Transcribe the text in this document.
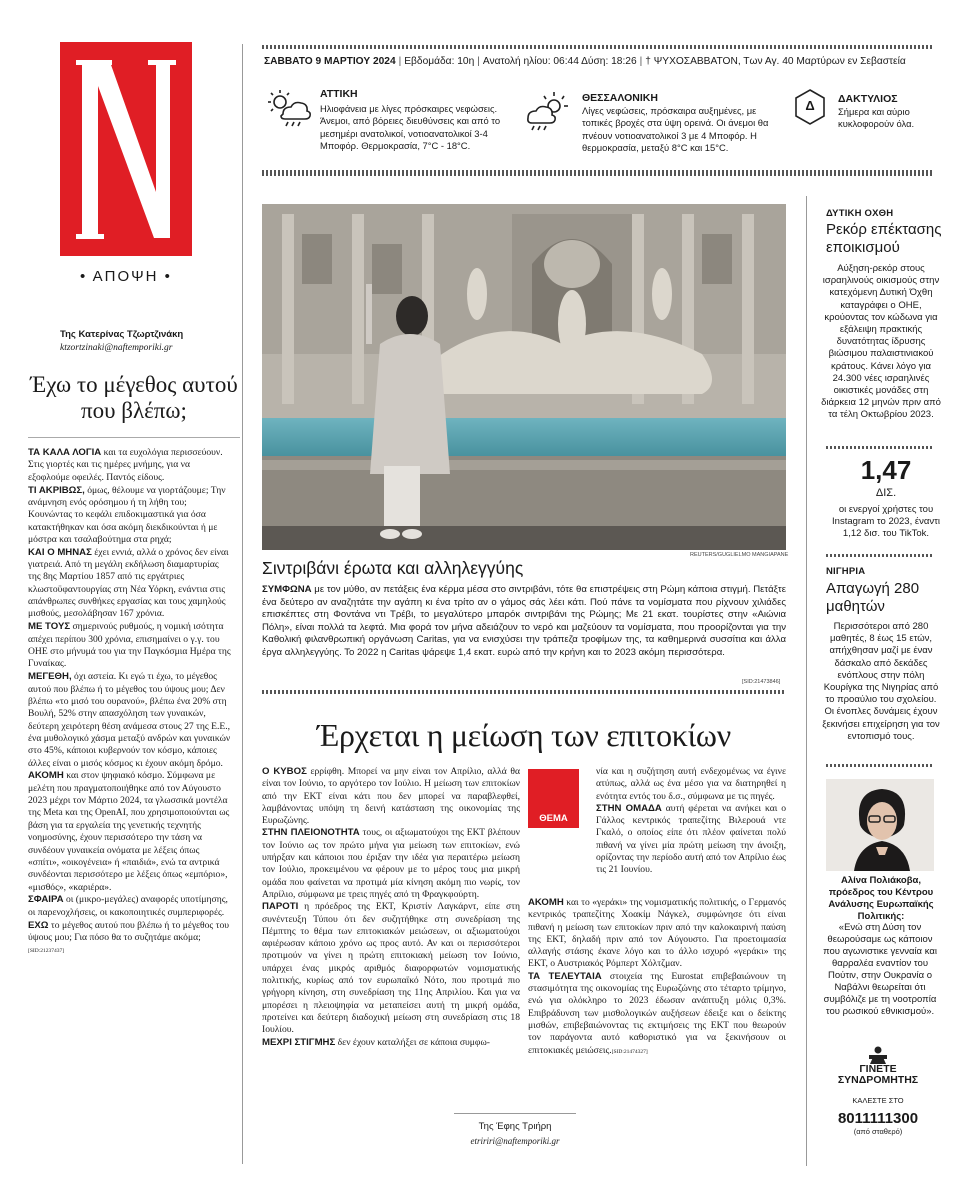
• ΑΠΟΨΗ •
Της Κατερίνας Τζωρτζινάκη
ktzortzinaki@naftemporiki.gr
Έχω το μέγεθος αυτού που βλέπω;

ΤΑ ΚΑΛΑ ΛΟΓΙΑ και τα ευχολόγια περισσεύουν. Στις γιορτές και τις ημέρες μνήμης, για να εξοφλούμε οφειλές. Παντός είδους.

ΤΙ ΑΚΡΙΒΩΣ, όμως, θέλουμε να γιορτάζουμε; Την ανάμνηση ενός ορόσημου ή τη λήθη του; Κουνώντας το κεφάλι επιδοκιμαστικά για όσα κατακτήθηκαν και όσα ακόμη διεκδικούνται ή με μόστρα και τσαλαβούτημα στα ρηχά;

ΚΑΙ Ο ΜΗΝΑΣ έχει εννιά, αλλά ο χρόνος δεν είναι γιατρειά. Από τη μεγάλη εκδήλωση διαμαρτυρίας της 8ης Μαρτίου 1857 από τις εργάτριες κλωστοϋφαντουργίας στη Νέα Υόρκη, ενάντια στις απάνθρωπες συνθήκες εργασίας και τους χαμηλούς μισθούς, μεσολάβησαν 167 χρόνια.

ΜΕ ΤΟΥΣ σημερινούς ρυθμούς, η νομική ισότητα απέχει περίπου 300 χρόνια, επισημαίνει ο γ.γ. του ΟΗΕ στο μήνυμά του για την Παγκόσμια Ημέρα της Γυναίκας.

ΜΕΓΕΘΗ, όχι αστεία. Κι εγώ τι έχω, το μέγεθος αυτού που βλέπω ή το μέγεθος του ύψους μου; Δεν βλέπω «το μισό του ουρανού», βλέπω ένα 20% στη Βουλή, 52% στην απασχόληση των γυναικών, δεύτερη χειρότερη θέση ανάμεσα στους 27 της Ε.Ε., ένα μυθολογικό χάσμα μεταξύ ανδρών και γυναικών στο 45%, κάποιοι κυβερνούν τον κόσμο, κάποιες άλλες είναι ο μισός κόσμος κι έχουν ακόμη δρόμο.

ΑΚΟΜΗ και στον ψηφιακό κόσμο. Σύμφωνα με μελέτη που πραγματοποιήθηκε από τον Αύγουστο 2023 μέχρι τον Μάρτιο 2024, τα γλωσσικά μοντέλα της Meta και της OpenAI, που χρησιμοποιούνται ως βάση για τα εργαλεία της γενετικής τεχνητής νοημοσύνης, έχουν περισσότερο την τάση να συνδέουν γυναικεία ονόματα με λέξεις όπως «σπίτι», «οικογένεια» ή «παιδιά», ενώ τα αντρικά συνδέονται περισσότερο με λέξεις όπως «εμπόριο», «μισθός», «καριέρα».

ΣΦΑΙΡΑ οι (μικρο-μεγάλες) αναφορές υποτίμησης, οι παρενοχλήσεις, οι κακοποιητικές συμπεριφορές.

ΕΧΩ το μέγεθος αυτού που βλέπω ή το μέγεθος του ύψους μου; Για πόσο θα το συζητάμε ακόμα; [SID:21237437]

ΣΑΒΒΑΤΟ 9 ΜΑΡΤΙΟΥ 2024 | Εβδομάδα: 10η | Ανατολή ηλίου: 06:44 Δύση: 18:26 | † ΨΥΧΟΣΑΒΒΑΤΟΝ, Των Αγ. 40 Μαρτύρων εν Σεβαστεία
ΑΤΤΙΚΗ
Ηλιοφάνεια με λίγες πρόσκαιρες νεφώσεις. Άνεμοι, από βόρειες διευθύνσεις και από το μεσημέρι ανατολικοί, νοτιοανατολικοί 3-4 Μποφόρ. Θερμοκρασία, 7°C - 18°C.
ΘΕΣΣΑΛΟΝΙΚΗ
Λίγες νεφώσεις, πρόσκαιρα αυξημένες, με τοπικές βροχές στα ύψη ορεινά. Οι άνεμοι θα πνέουν νοτιοανατολικοί 3 με 4 Μποφόρ. Η θερμοκρασία, μεταξύ 8°C και 15°C.
Δ	ΔΑΚΤΥΛΙΟΣ
Σήμερα και αύριο κυκλοφορούν όλα.
REUTERS/GUGLIELMO MANGIAPANE
Σιντριβάνι έρωτα και αλληλεγγύης
ΣΥΜΦΩΝΑ με τον μύθο, αν πετάξεις ένα κέρμα μέσα στο σιντριβάνι, τότε θα επιστρέψεις στη Ρώμη κάποια στιγμή. Πετάξτε ένα δεύτερο αν αναζητάτε την αγάπη κι ένα τρίτο αν ο γάμος σάς λέει κάτι. Πού πάνε τα νομίσματα που ρίχνουν χιλιάδες επισκέπτες στη Φοντάνα ντι Τρέβι, το μεγαλύτερο μπαρόκ σιντριβάνι της Ρώμης; Με 21 εκατ. τουρίστες στην «Αιώνια Πόλη», είναι πολλά τα λεφτά. Μια φορά τον μήνα αδειάζουν το νερό και μαζεύουν τα νομίσματα, που προορίζονται για την Καθολική φιλανθρωπική οργάνωση Caritas, για να ενισχύσει την τράπεζα τροφίμων της, τα καθημερινά συσσίτια και άλλα έργα αλληλεγγύης. Το 2022 η Caritas ψάρεψε 1,4 εκατ. ευρώ από την κρήνη και το 2023 ακόμη περισσότερα.
[SID:21473846]
Έρχεται η μείωση των επιτοκίων

Ο ΚΥΒΟΣ ερρίφθη. Μπορεί να μην είναι τον Απρίλιο, αλλά θα είναι τον Ιούνιο, το αργότερο τον Ιούλιο. Η μείωση των επιτοκίων από την ΕΚΤ είναι κάτι που δεν μπορεί να παραβλεφθεί, λαμβάνοντας υπόψη τη δεινή κατάσταση της οικονομίας της Ευρωζώνης.

ΣΤΗΝ ΠΛΕΙΟΝΟΤΗΤΑ τους, οι αξιωματούχοι της ΕΚΤ βλέπουν τον Ιούνιο ως τον πρώτο μήνα για μείωση των επιτοκίων, ενώ υπήρξαν και κάποιοι που έριξαν την ιδέα για περαιτέρω μείωση τον Ιούλιο, προκειμένου να φέρουν με το μέρος τους μια μικρή ομάδα που φαίνεται να προτιμά μία κίνηση ακόμη πιο νωρίς, τον Απρίλιο, σύμφωνα με τρεις πηγές από τη Φραγκφούρτη.

ΠΑΡΟΤΙ η πρόεδρος της ΕΚΤ, Κριστίν Λαγκάρντ, είπε στη συνέντευξη Τύπου ότι δεν συζητήθηκε στη συνεδρίαση της Πέμπτης το θέμα των επιτοκιακών μειώσεων, οι αξιωματούχοι αφιέρωσαν κάποιο χρόνο ως προς αυτό. Αν και οι περισσότεροι προτιμούν να γίνει η πρώτη επιτοκιακή μείωση τον Ιούνιο, υπάρχει ένας μικρός αριθμός διαφορφωτών νομισματικής πολιτικής, κυρίως από τον ευρωπαϊκό Νότο, που προτιμά πιο γρήγορη κίνηση, στη συνεδρίαση της 11ης Απριλίου. Και για να μπορέσει η πλειοψηφία να μεταπείσει αυτή τη μικρή ομάδα, προτείνει και δεύτερη διαδοχική μείωση στη συνεδρίαση στις 18 Ιουλίου.

ΜΕΧΡΙ ΣΤΙΓΜΗΣ δεν έχουν καταλήξει σε κάποια συμφω-

ΘΕΜΑ

νία και η συζήτηση αυτή ενδεχομένως να έγινε ατύπως, αλλά ως ένα μέσο για να διατηρηθεί η ενότητα εντός του δ.σ., σύμφωνα με τις πηγές.

ΣΤΗΝ ΟΜΑΔΑ αυτή φέρεται να ανήκει και ο Γάλλος κεντρικός τραπεζίτης Βιλερουά ντε Γκαλό, ο οποίος είπε ότι πλέον φαίνεται πολύ πιθανή να γίνει μία πρώτη μείωση την άνοιξη, ορίζοντας την περίοδο αυτή από τον Απρίλιο έως τις 21 Ιουνίου.

ΑΚΟΜΗ και το «γεράκι» της νομισματικής πολιτικής, ο Γερμανός κεντρικός τραπεζίτης Χοακίμ Νάγκελ, συμφώνησε ότι είναι πιθανή η μείωση των επιτοκίων πριν από την καλοκαιρινή παύση της ΕΚΤ, δηλαδή πριν από τον Αύγουστο. Για προετοιμασία αλλαγής στάσης έκανε λόγο και το άλλο ισχυρό «γεράκι» της ΕΚΤ, ο Αυστριακός Ρόμπερτ Χόλτζμαν.

ΤΑ ΤΕΛΕΥΤΑΙΑ στοιχεία της Eurostat επιβεβαιώνουν τη στασιμότητα της οικονομίας της Ευρωζώνης στο τέταρτο τρίμηνο, ενώ για ολόκληρο το 2023 έδωσαν ανάπτυξη μόλις 0,3%. Επιβράδυνση των μισθολογικών αυξήσεων έδειξε και ο δείκτης μισθών, επιβεβαιώνοντας τις εκτιμήσεις της ΕΚΤ που θεωρούν τον παράγοντα αυτό καθοριστικό για να ξεκινήσουν οι επιτοκιακές μειώσεις.[SID:21474327]

Της Έφης Τριήρη
etririri@naftemporiki.gr
ΔΥΤΙΚΗ ΟΧΘΗ
Ρεκόρ επέκτασης εποικισμού
Αύξηση-ρεκόρ στους ισραηλινούς οικισμούς στην κατεχόμενη Δυτική Όχθη καταγράφει ο ΟΗΕ, κρούοντας τον κώδωνα για εξάλειψη πρακτικής δυνατότητας ίδρυσης βιώσιμου παλαιστινιακού κράτους. Κάνει λόγο για 24.300 νέες ισραηλινές οικιστικές μονάδες στη διάρκεια 12 μηνών πριν από τα τέλη Οκτωβρίου 2023.
1,47
ΔΙΣ.
οι ενεργοί χρήστες του Instagram το 2023, έναντι 1,12 δισ. του TikTok.
ΝΙΓΗΡΙΑ
Απαγωγή 280 μαθητών
Περισσότεροι από 280 μαθητές, 8 έως 15 ετών, απήχθησαν μαζί με έναν δάσκαλο από δεκάδες ενόπλους στην πόλη Κουρίγκα της Νιγηρίας από το προαύλιο του σχολείου. Οι ένοπλες δυνάμεις έχουν ξεκινήσει επιχείρηση για τον εντοπισμό τους.
Αλίνα Πολιάκοβα, πρόεδρος του Κέντρου Ανάλυσης Ευρωπαϊκής Πολιτικής:
«Ενώ στη Δύση τον θεωρούσαμε ως κάποιον που αγωνιστικε γενναία και θαρραλέα εναντίον του Πούτιν, στην Ουκρανία ο Ναβάλνι θεωρείται ότι συμβόλιζε με τη νοοτροπία του ρωσικού εθνικισμού».
ΓΙΝΕΤΕ ΣΥΝΔΡΟΜΗΤΗΣ
ΚΑΛΕΣΤΕ ΣΤΟ
8011111300
(από σταθερό)
